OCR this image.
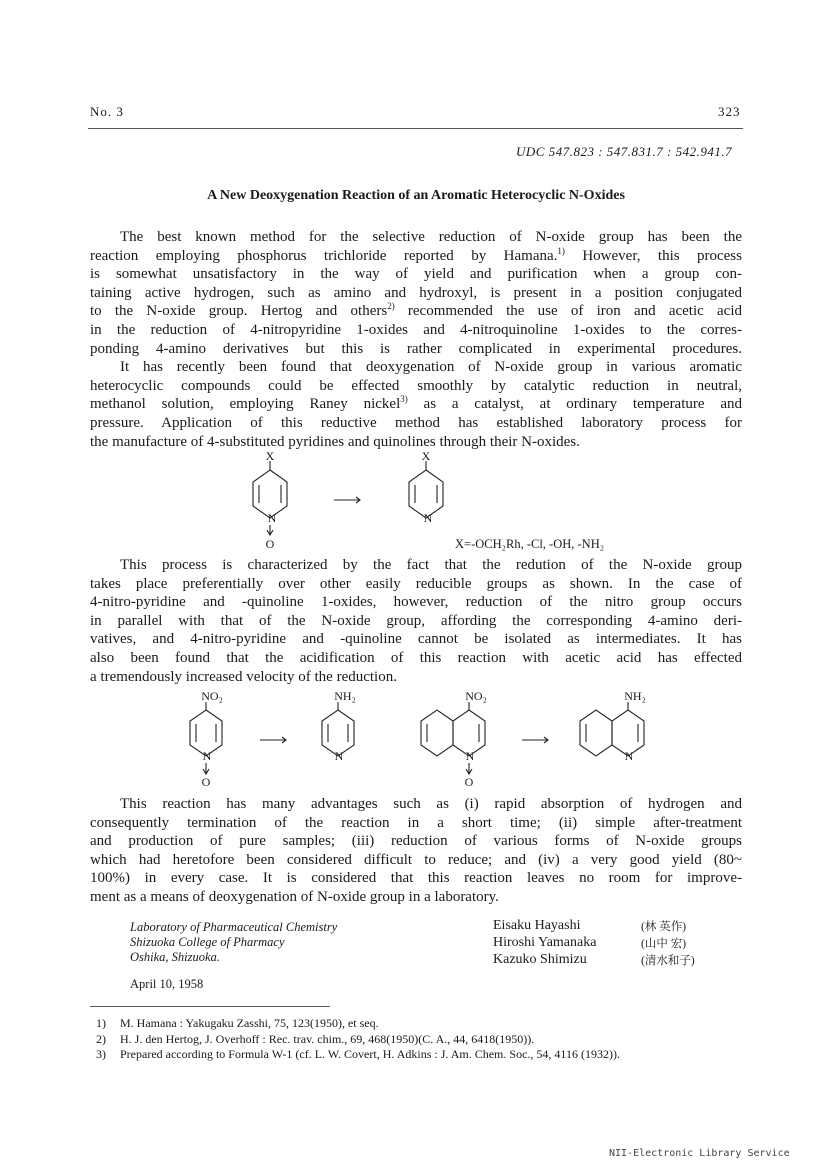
No. 3	323
UDC 547.823 : 547.831.7 : 542.941.7
A New Deoxygenation Reaction of an Aromatic Heterocyclic N-Oxides
The best known method for the selective reduction of N-oxide group has been the
reaction employing phosphorus trichloride reported by Hamana.$^{1)}$ However, this process
is somewhat unsatisfactory in the way of yield and purification when a group con-
taining active hydrogen, such as amino and hydroxyl, is present in a position conjugated
to the N-oxide group. Hertog and others$^{2)}$ recommended the use of iron and acetic acid
in the reduction of 4-nitropyridine 1-oxides and 4-nitroquinoline 1-oxides to the corres-
ponding 4-amino derivatives but this is rather complicated in experimental procedures.
It has recently been found that deoxygenation of N-oxide group in various aromatic
heterocyclic compounds could be effected smoothly by catalytic reduction in neutral,
methanol solution, employing Raney nickel$^{3)}$ as a catalyst, at ordinary temperature and
pressure. Application of this reductive method has established laboratory process for
the manufacture of 4-substituted pyridines and quinolines through their N-oxides.
X
N
O
X
N
NO₂
N
O
NH₂
N
NO₂
N
O
NH₂
N
X=-OCH₂Rh, -Cl, -OH, -NH₂
This process is characterized by the fact that the redution of the N-oxide group
takes place preferentially over other easily reducible groups as shown. In the case of
4-nitro-pyridine and -quinoline 1-oxides, however, reduction of the nitro group occurs
in parallel with that of the N-oxide group, affording the corresponding 4-amino deri-
vatives, and 4-nitro-pyridine and -quinoline cannot be isolated as intermediates. It has
also been found that the acidification of this reaction with acetic acid has effected
a tremendously increased velocity of the reduction.
This reaction has many advantages such as (i) rapid absorption of hydrogen and
consequently termination of the reaction in a short time; (ii) simple after-treatment
and production of pure samples; (iii) reduction of various forms of N-oxide groups
which had heretofore been considered difficult to reduce; and (iv) a very good yield (80~
100%) in every case. It is considered that this reaction leaves no room for improve-
ment as a means of deoxygenation of N-oxide group in a laboratory.
Laboratory of Pharmaceutical Chemistry
Shizuoka College of Pharmacy
Oshika, Shizuoka.
April 10, 1958
Eisaku Hayashi
Hiroshi Yamanaka
Kazuko Shimizu
(林 英作)
(山中 宏)
(清水和子)
1) M. Hamana : Yakugaku Zasshi, 75, 123(1950), et seq.
2) H. J. den Hertog, J. Overhoff : Rec. trav. chim., 69, 468(1950)(C. A., 44, 6418(1950)).
3) Prepared according to Formula W-1 (cf. L. W. Covert, H. Adkins : J. Am. Chem. Soc., 54, 4116 (1932)).
NII-Electronic Library Service
